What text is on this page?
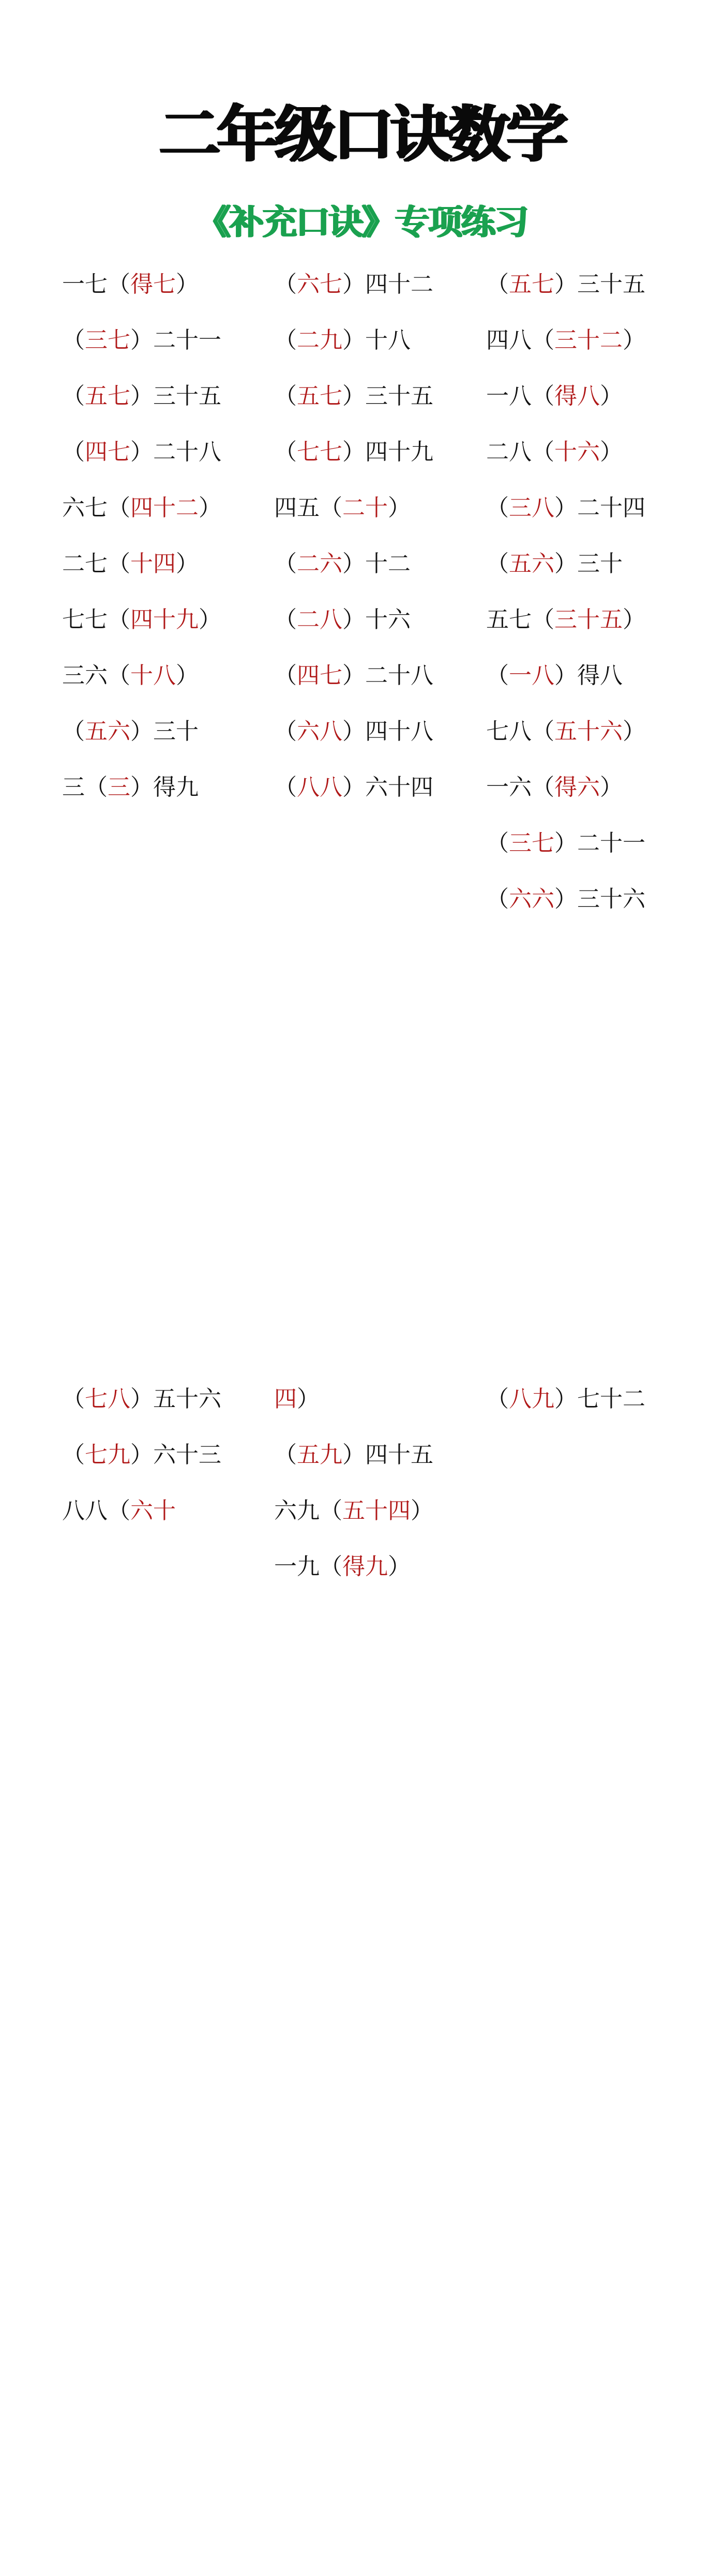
二年级口诀数学
《补充口诀》专项练习
一七（得七）
（三七）二十一
（五七）三十五
（四七）二十八
六七（四十二）
二七（十四）
七七（四十九）
三六（十八）
（五六）三十
三（三）得九
（六七）四十二
（二九）十八
（五七）三十五
（七七）四十九
四五（二十）
（二六）十二
（二八）十六
（四七）二十八
（六八）四十八
（八八）六十四
（五七）三十五
四八（三十二）
一八（得八）
二八（十六）
（三八）二十四
（五六）三十
五七（三十五）
（一八）得八
七八（五十六）
一六（得六）
（三七）二十一
（六六）三十六
（七八）五十六
（七九）六十三
八八（六十
四）
（五九）四十五
六九（五十四）
一九（得九）
（八九）七十二
